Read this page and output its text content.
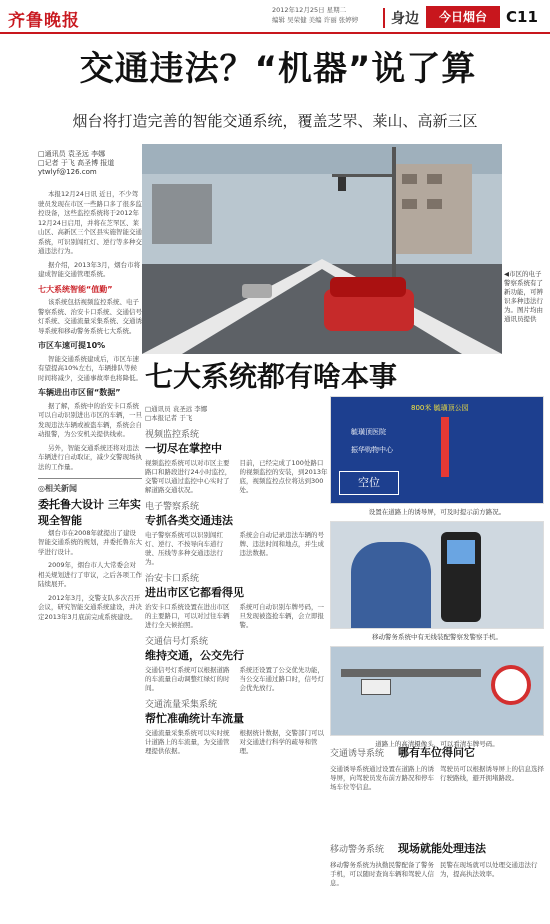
齐鲁晚报
2012年12月25日 星期二
编辑 吴荣健 美编 许丽 张婷婷	身边	今日烟台	C11
交通违法？“机器”说了算
烟台将打造完善的智能交通系统，覆盖芝罘、莱山、高新三区
□通讯员 袁圣远 李娜
□记者 于飞 高圣博 报道
ytwlyf@126.com
◀市区的电子警察系统有了新功能，可辨识多种违法行为。图片均由通讯员提供

本报12月24日讯 近日，不少驾驶员发现在市区一些路口多了很多监控设备，这些监控系统将于2012年12月24日启用，并将在芝罘区、莱山区、高新区三个区县实施智能交通系统，可识别闯红灯、逆行等多种交通违法行为。

据介绍，2013年3月，烟台市将建成智能交通管理系统。

七大系统智能“值勤”

该系统包括视频监控系统、电子警察系统、治安卡口系统、交通信号灯系统、交通流量采集系统、交通诱导系统和移动警务系统七大系统。

市区车速可提10%

智能交通系统建成后，市区车速有望提高10%左右，车辆排队等候时间将减少，交通事故率也将降低。

车辆进出市区留“数据”

据了解，系统中的治安卡口系统可以自动识别进出市区的车辆，一旦发现违法车辆或被盗车辆，系统会自动报警，为公安机关提供线索。

另外，智能交通系统还将对违法车辆进行自动取证，减少交警现场执法的工作量。

◎相关新闻
委托鲁大设计 三年实现全智能

烟台市在2008年就提出了建设智能交通系统的规划，并委托鲁东大学进行设计。

2009年，烟台市人大常委会对相关规划进行了审议，之后各项工作陆续展开。

2012年3月，交警支队多次召开会议，研究智能交通系统建设，并决定2013年3月底前完成系统建设。

七大系统都有啥本事
□通讯员 袁圣远 李娜
□本报记者 于飞
视频监控系统
一切尽在掌控中
视频监控系统可以对市区主要路口和路段进行24小时监控，交警可以通过监控中心实时了解道路交通状况。
目前，已经完成了100处路口的视频监控的安装，到2013年底，视频监控点位将达到300处。
电子警察系统
专抓各类交通违法
电子警察系统可以识别闯红灯、逆行、不按导向车道行驶、压线等多种交通违法行为。
系统会自动记录违法车辆的号牌、违法时间和地点，并生成违法数据。
治安卡口系统
进出市区它都看得见
治安卡口系统设置在进出市区的主要路口，可以对过往车辆进行全天候拍照。
系统可自动识别车牌号码，一旦发现被盗抢车辆，会立即报警。
交通信号灯系统
维持交通，公交先行
交通信号灯系统可以根据道路的车流量自动调整红绿灯的时间。
系统还设置了公交优先功能，当公交车通过路口时，信号灯会优先放行。
交通流量采集系统
帮忙准确统计车流量
交通流量采集系统可以实时统计道路上的车流量，为交通管理提供依据。
根据统计数据，交警部门可以对交通进行科学的疏导和管理。
800米 毓璜顶公园
毓璜顶医院
振华购物中心
空位
设置在道路上的诱导屏，可及时提示前方路况。
移动警务系统中有无线装配警察发警察手机。
道路上的高清摄像头，可以看清车牌号码。
交通诱导系统 哪有车位得问它
交通诱导系统通过设置在道路上的诱导屏，向驾驶员发布前方路况和停车场车位等信息。
驾驶员可以根据诱导屏上的信息选择行驶路线，避开拥堵路段。
移动警务系统 现场就能处理违法
移动警务系统为执勤民警配备了警务手机，可以随时查询车辆和驾驶人信息。
民警在现场就可以处理交通违法行为，提高执法效率。
